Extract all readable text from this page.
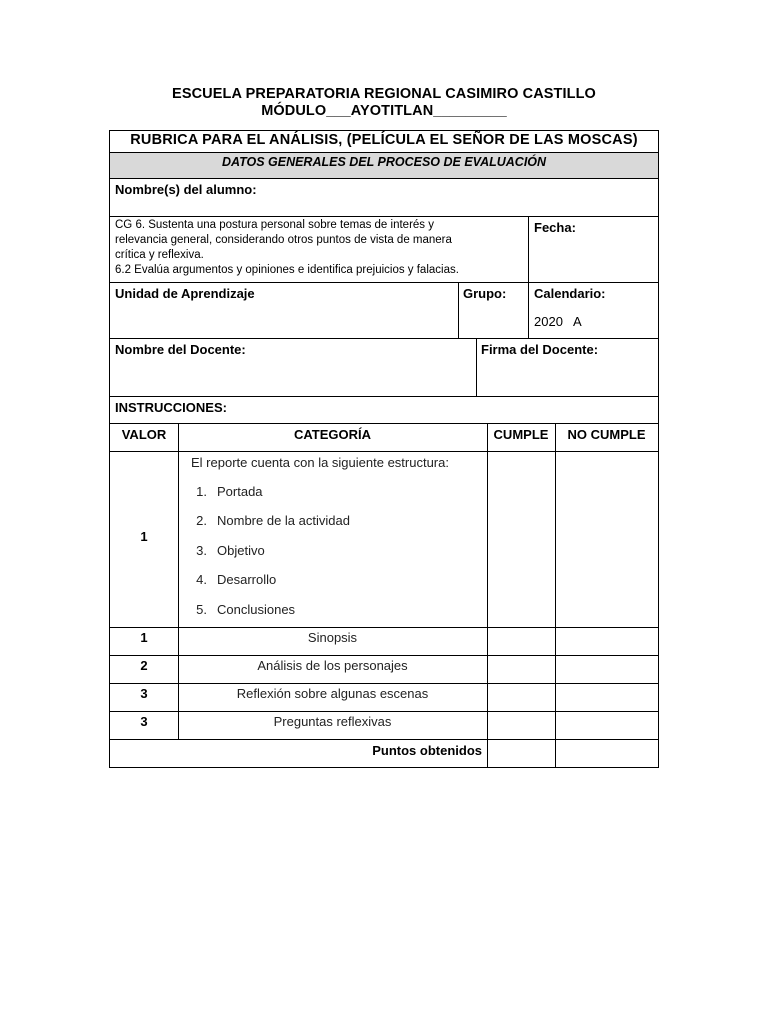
ESCUELA PREPARATORIA REGIONAL CASIMIRO CASTILLO
MÓDULO___AYOTITLAN_________
RUBRICA PARA EL ANÁLISIS, (PELÍCULA EL SEÑOR DE LAS MOSCAS)
DATOS GENERALES DEL PROCESO DE EVALUACIÓN
Nombre(s) del alumno:
CG 6. Sustenta una postura personal sobre temas de interés y
relevancia general, considerando otros puntos de vista de manera
crítica y reflexiva.
6.2 Evalúa argumentos y opiniones e identifica prejuicios y falacias.
Fecha:
Unidad de Aprendizaje	Grupo: Calendario:
2020   A
Nombre del Docente:	Firma del Docente:
INSTRUCCIONES:
VALOR	CATEGORÍA	CUMPLE	NO CUMPLE
1
El reporte cuenta con la siguiente estructura:
1. Portada
2. Nombre de la actividad
3. Objetivo
4. Desarrollo
5. Conclusiones
1	Sinopsis
2	Análisis de los personajes
3	Reflexión sobre algunas escenas
3	Preguntas reflexivas
Puntos obtenidos
